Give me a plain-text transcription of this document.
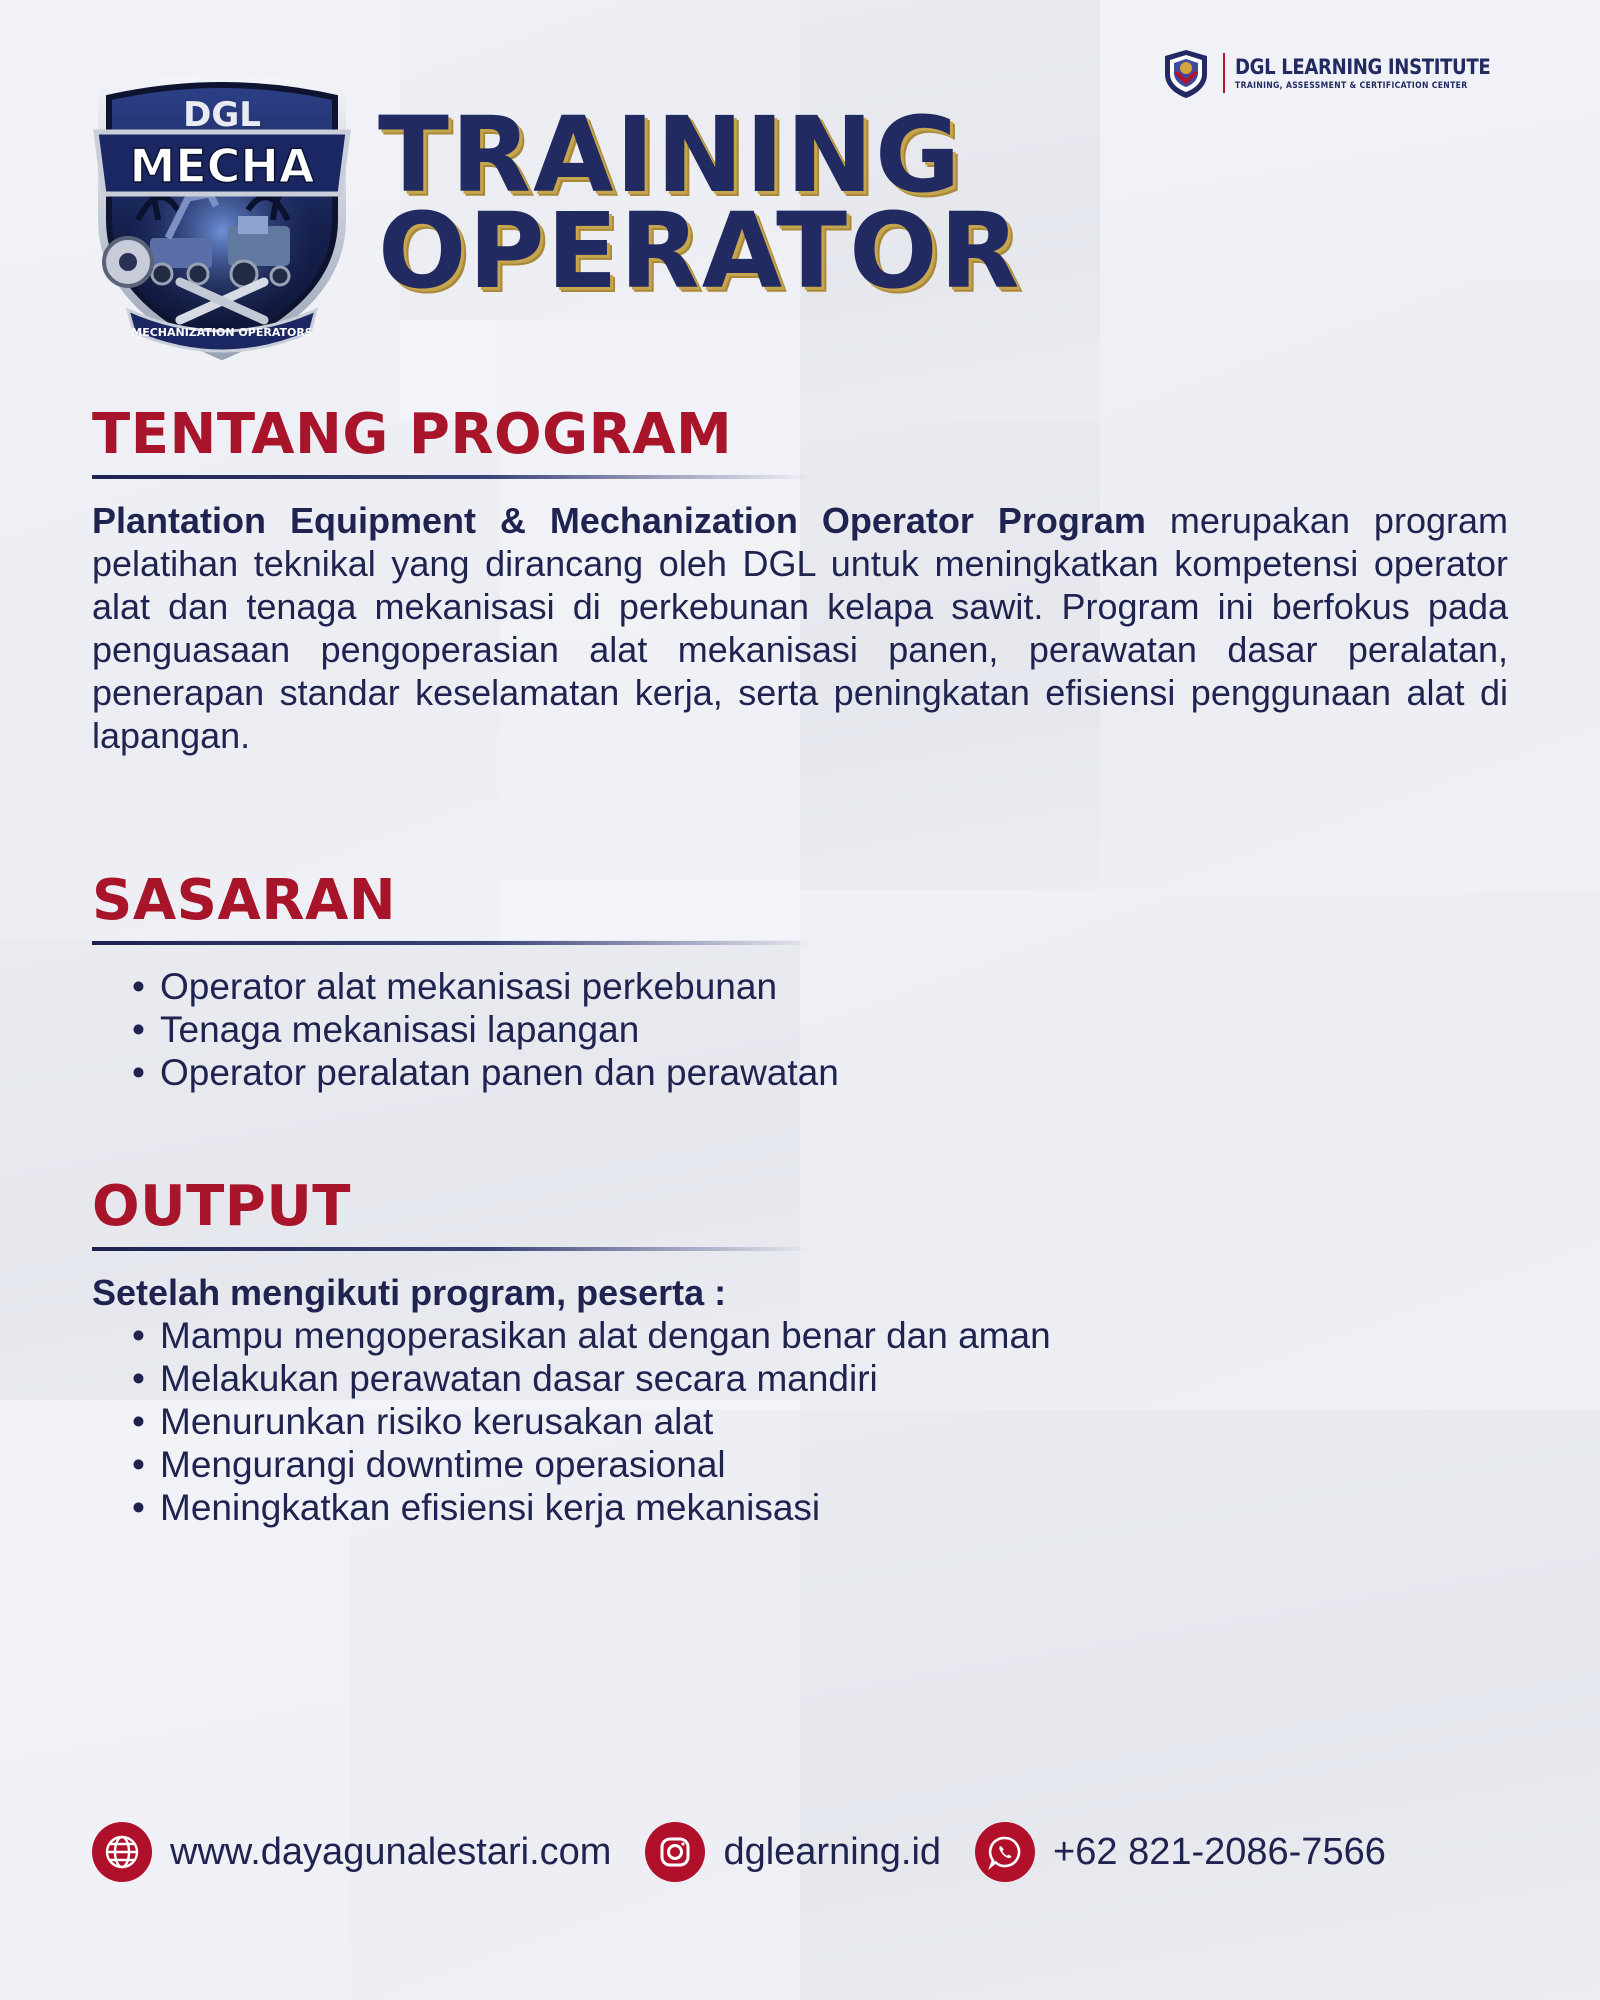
DGL LEARNING INSTITUTE
TRAINING, ASSESSMENT & CERTIFICATION CENTER
DGL
MECHA
MECHANIZATION OPERATORS
TRAINING
OPERATOR
TENTANG PROGRAM

Plantation Equipment & Mechanization Operator Program merupakan program pelatihan teknikal yang dirancang oleh DGL untuk meningkatkan kompetensi operator alat dan tenaga mekanisasi di perkebunan kelapa sawit. Program ini berfokus pada penguasaan pengoperasian alat mekanisasi panen, perawatan dasar peralatan, penerapan standar keselamatan kerja, serta peningkatan efisiensi penggunaan alat di lapangan.

SASARAN
• Operator alat mekanisasi perkebunan
• Tenaga mekanisasi lapangan
• Operator peralatan panen dan perawatan
OUTPUT

Setelah mengikuti program, peserta :

• Mampu mengoperasikan alat dengan benar dan aman
• Melakukan perawatan dasar secara mandiri
• Menurunkan risiko kerusakan alat
• Mengurangi downtime operasional
• Meningkatkan efisiensi kerja mekanisasi
www.dayagunalestari.com	dglearning.id	+62 821-2086-7566
